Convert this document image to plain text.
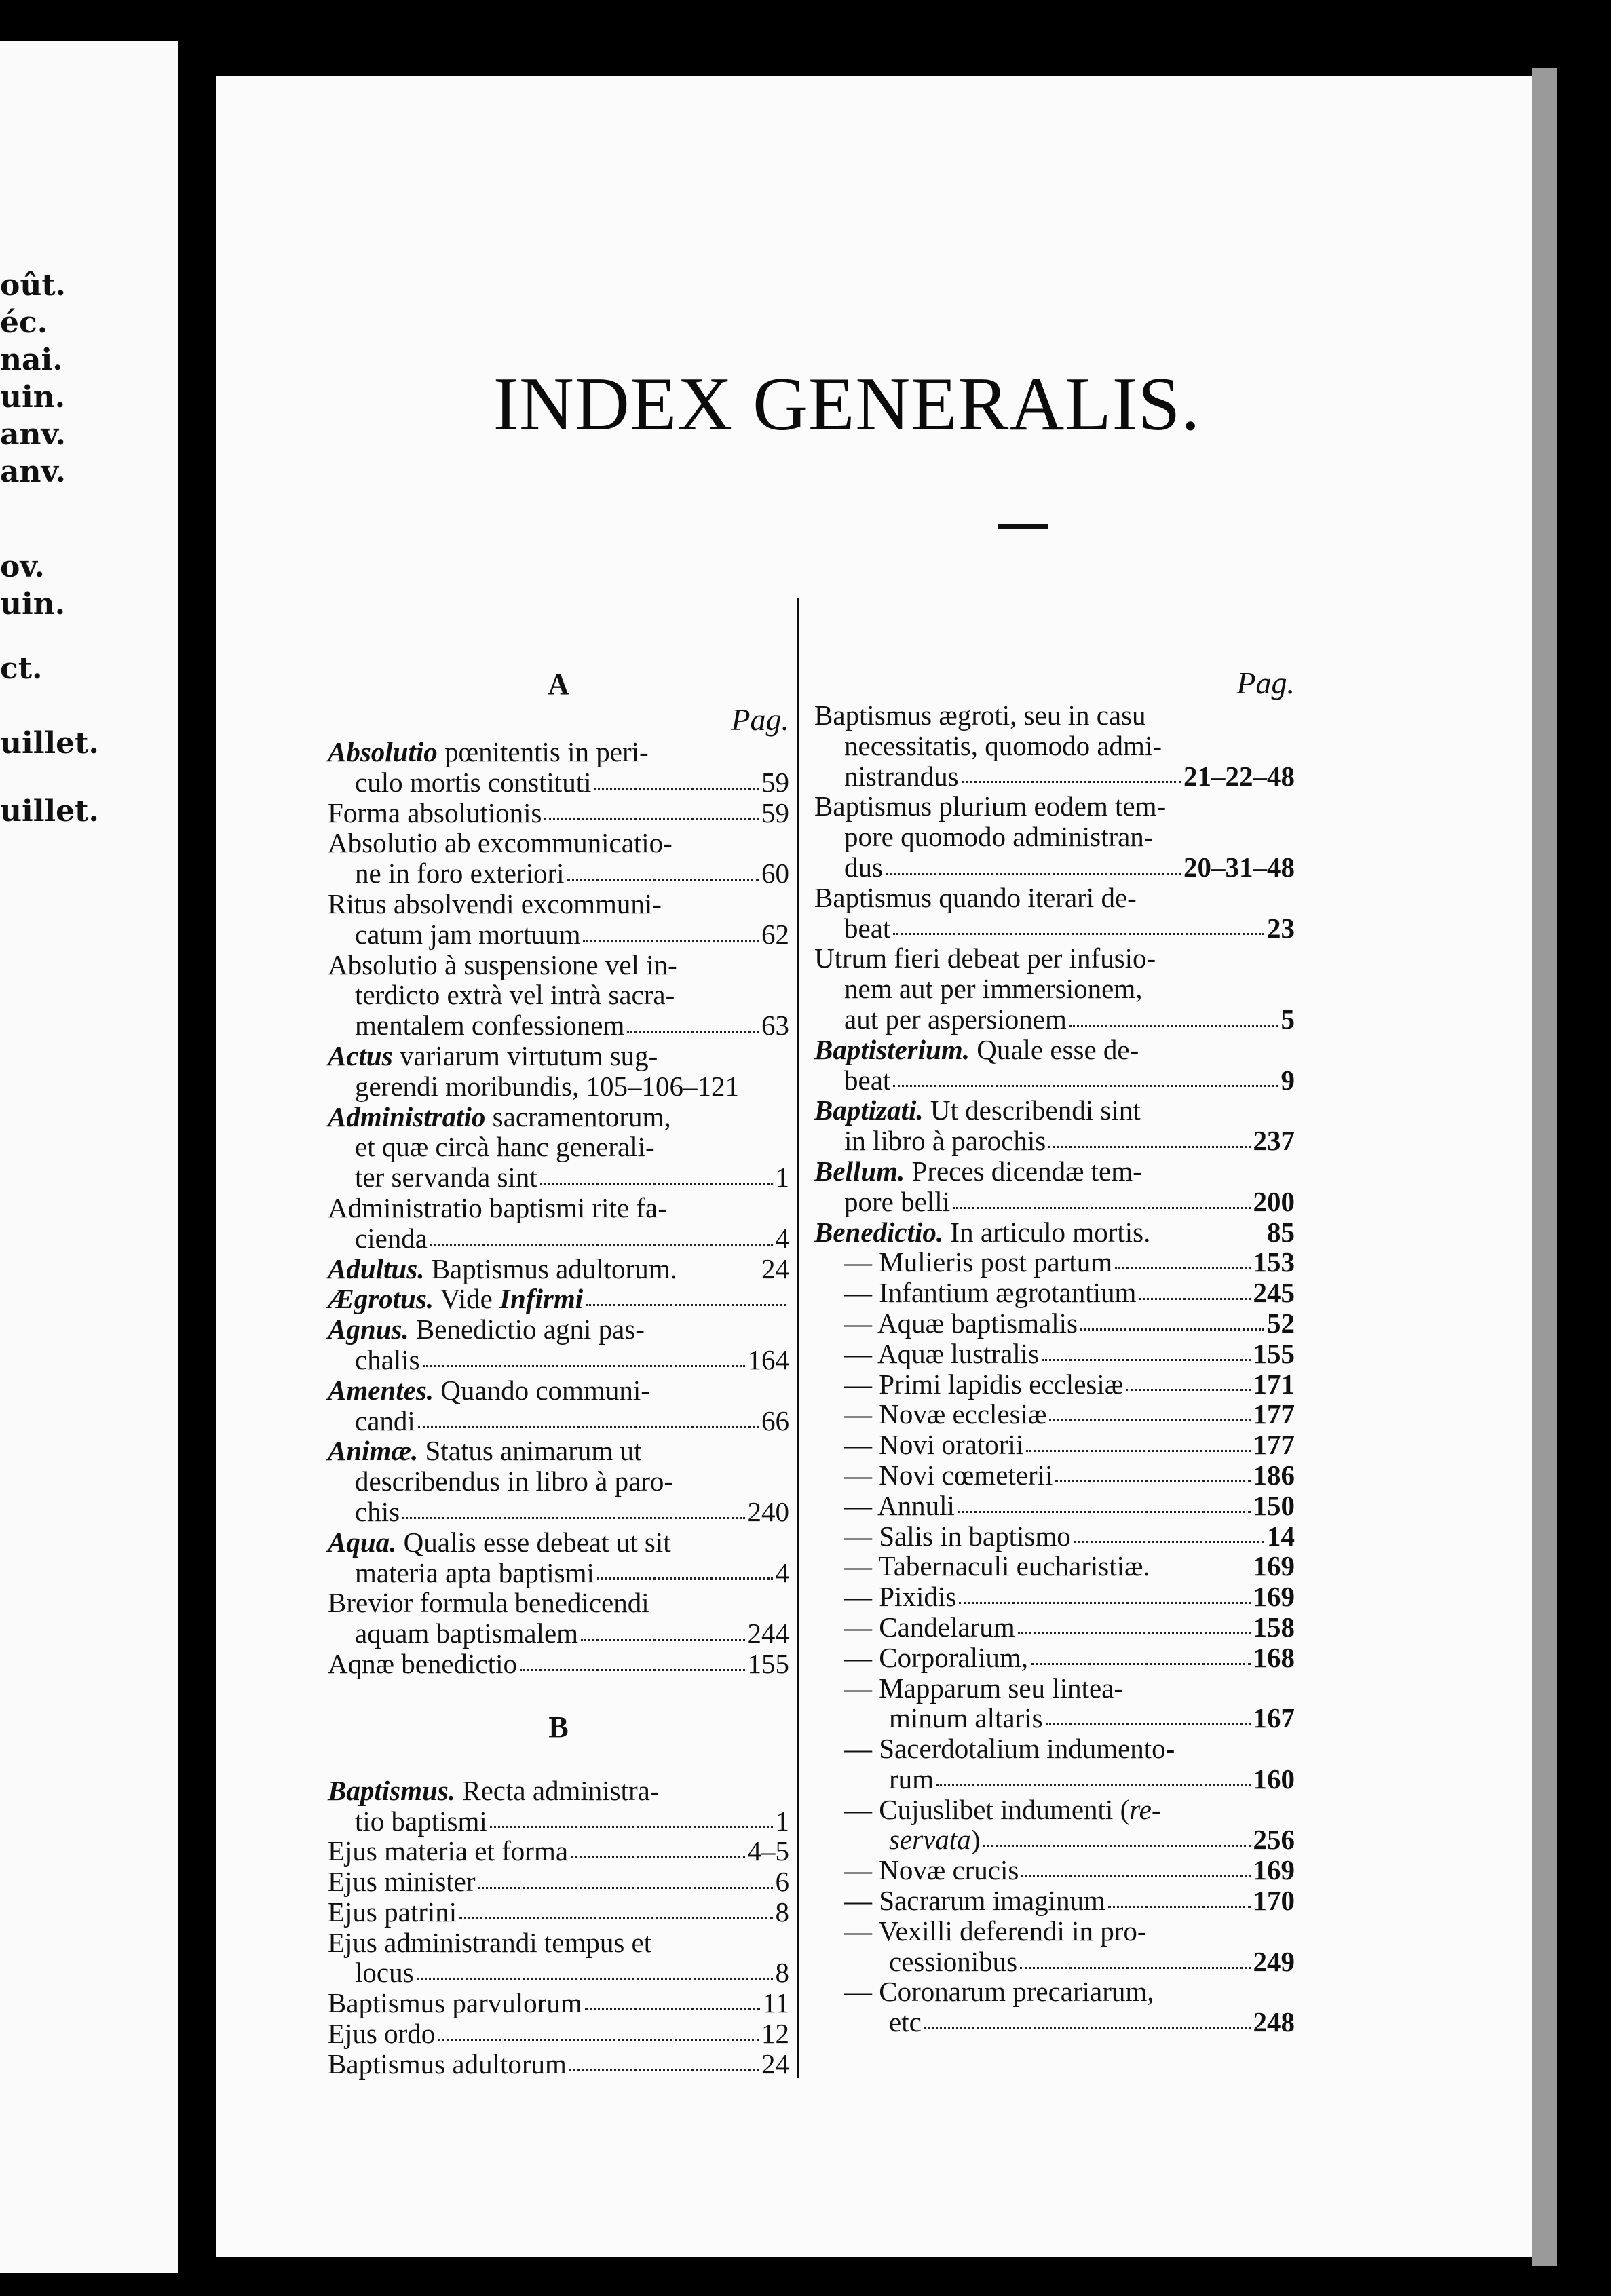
oût.
éc.
nai.
uin.
anv.
anv.
ov.
uin.
ct.
uillet.
uillet.
INDEX GENERALIS.
A
Pag.
Absolutio pœnitentis in peri-
culo mortis constituti	59
Forma absolutionis	59
Absolutio ab excommunicatio-
ne in foro exteriori	60
Ritus absolvendi excommuni-
catum jam mortuum	62
Absolutio à suspensione vel in-
terdicto extrà vel intrà sacra-
mentalem confessionem	63
Actus variarum virtutum sug-
gerendi moribundis, 105–106–121
Administratio sacramentorum,
et quæ circà hanc generali-
ter servanda sint	1
Administratio baptismi rite fa-
cienda	4
Adultus. Baptismus adultorum.	24
Ægrotus. Vide Infirmi
Agnus. Benedictio agni pas-
chalis	164
Amentes. Quando communi-
candi	66
Animæ. Status animarum ut
describendus in libro à paro-
chis	240
Aqua. Qualis esse debeat ut sit
materia apta baptismi	4
Brevior formula benedicendi
aquam baptismalem	244
Aqnæ benedictio	155
B
Baptismus. Recta administra-
tio baptismi	1
Ejus materia et forma	4–5
Ejus minister	6
Ejus patrini	8
Ejus administrandi tempus et
locus	8
Baptismus parvulorum	11
Ejus ordo	12
Baptismus adultorum	24
Pag.
Baptismus ægroti, seu in casu
necessitatis, quomodo admi-
nistrandus	21–22–48
Baptismus plurium eodem tem-
pore quomodo administran-
dus	20–31–48
Baptismus quando iterari de-
beat	23
Utrum fieri debeat per infusio-
nem aut per immersionem,
aut per aspersionem	5
Baptisterium. Quale esse de-
beat	9
Baptizati. Ut describendi sint
in libro à parochis	237
Bellum. Preces dicendæ tem-
pore belli	200
Benedictio. In articulo mortis.	85
— Mulieris post partum	153
— Infantium ægrotantium	245
— Aquæ baptismalis	52
— Aquæ lustralis	155
— Primi lapidis ecclesiæ	171
— Novæ ecclesiæ	177
— Novi oratorii	177
— Novi cœmeterii	186
— Annuli	150
— Salis in baptismo	14
— Tabernaculi eucharistiæ.	169
— Pixidis	169
— Candelarum	158
— Corporalium,	168
— Mapparum seu lintea-
minum altaris	167
— Sacerdotalium indumento-
rum	160
— Cujuslibet indumenti (re-
servata)	256
— Novæ crucis	169
— Sacrarum imaginum	170
— Vexilli deferendi in pro-
cessionibus	249
— Coronarum precariarum,
etc	248
